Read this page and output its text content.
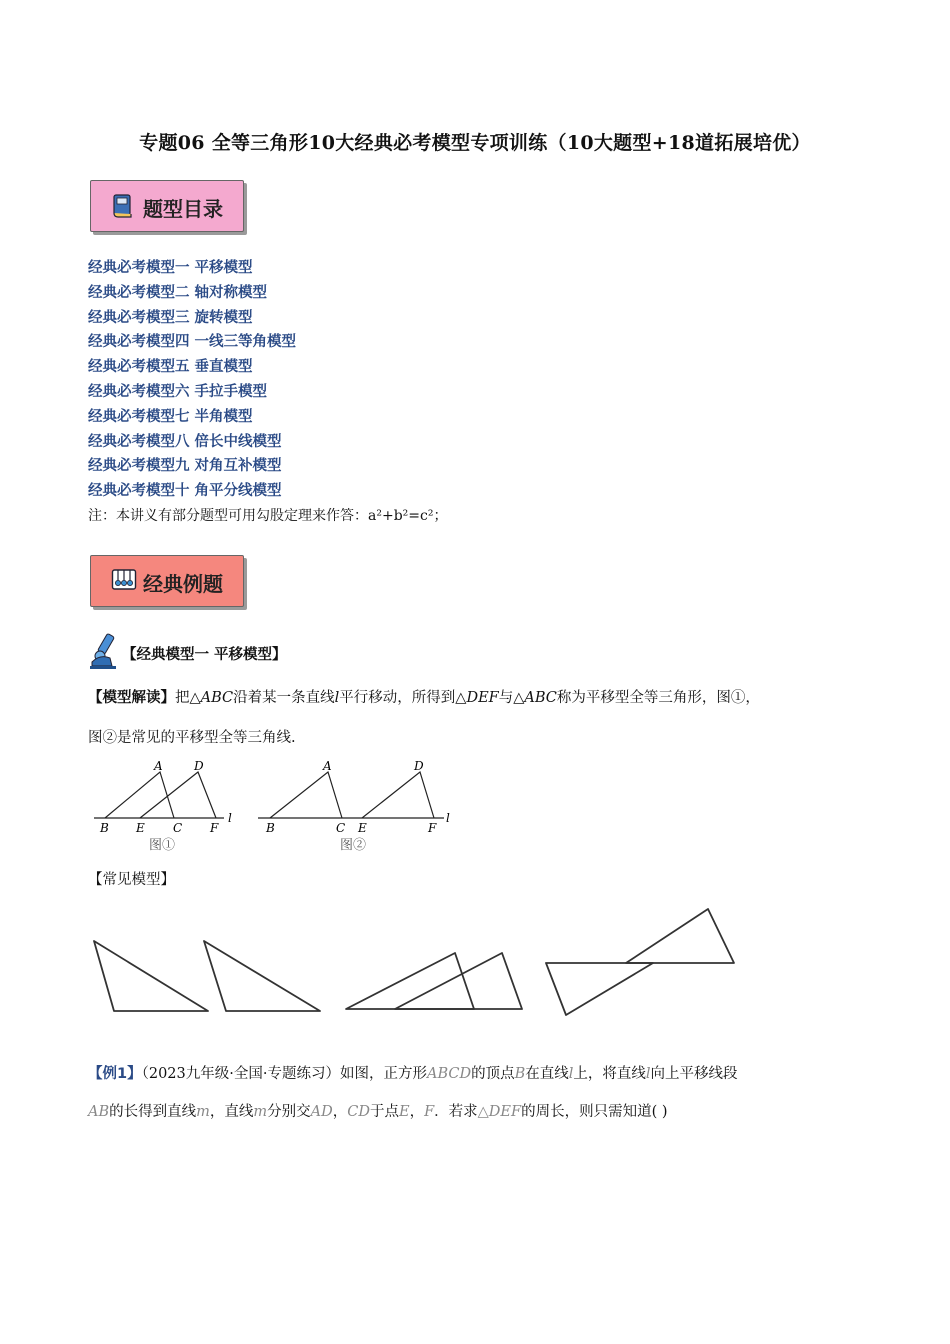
专题06 全等三角形10大经典必考模型专项训练（10大题型+18道拓展培优）
题型目录
经典必考模型一 平移模型
经典必考模型二 轴对称模型
经典必考模型三 旋转模型
经典必考模型四 一线三等角模型
经典必考模型五 垂直模型
经典必考模型六 手拉手模型
经典必考模型七 半角模型
经典必考模型八 倍长中线模型
经典必考模型九 对角互补模型
经典必考模型十 角平分线模型
注：本讲义有部分题型可用勾股定理来作答：a²+b²=c²；
经典例题
【经典模型一 平移模型】
【模型解读】把△ABC沿着某一条直线l平行移动，所得到△DEF与△ABC称为平移型全等三角形，图①，
图②是常见的平移型全等三角线.
A	D
B E C F
l
图①
A	D
B	C E	F
l
图②
【常见模型】
【例1】（2023九年级·全国·专题练习）如图，正方形ABCD的顶点B在直线l上，将直线l向上平移线段
AB的长得到直线m，直线m分别交AD，CD于点E，F．若求△DEF的周长，则只需知道( )
